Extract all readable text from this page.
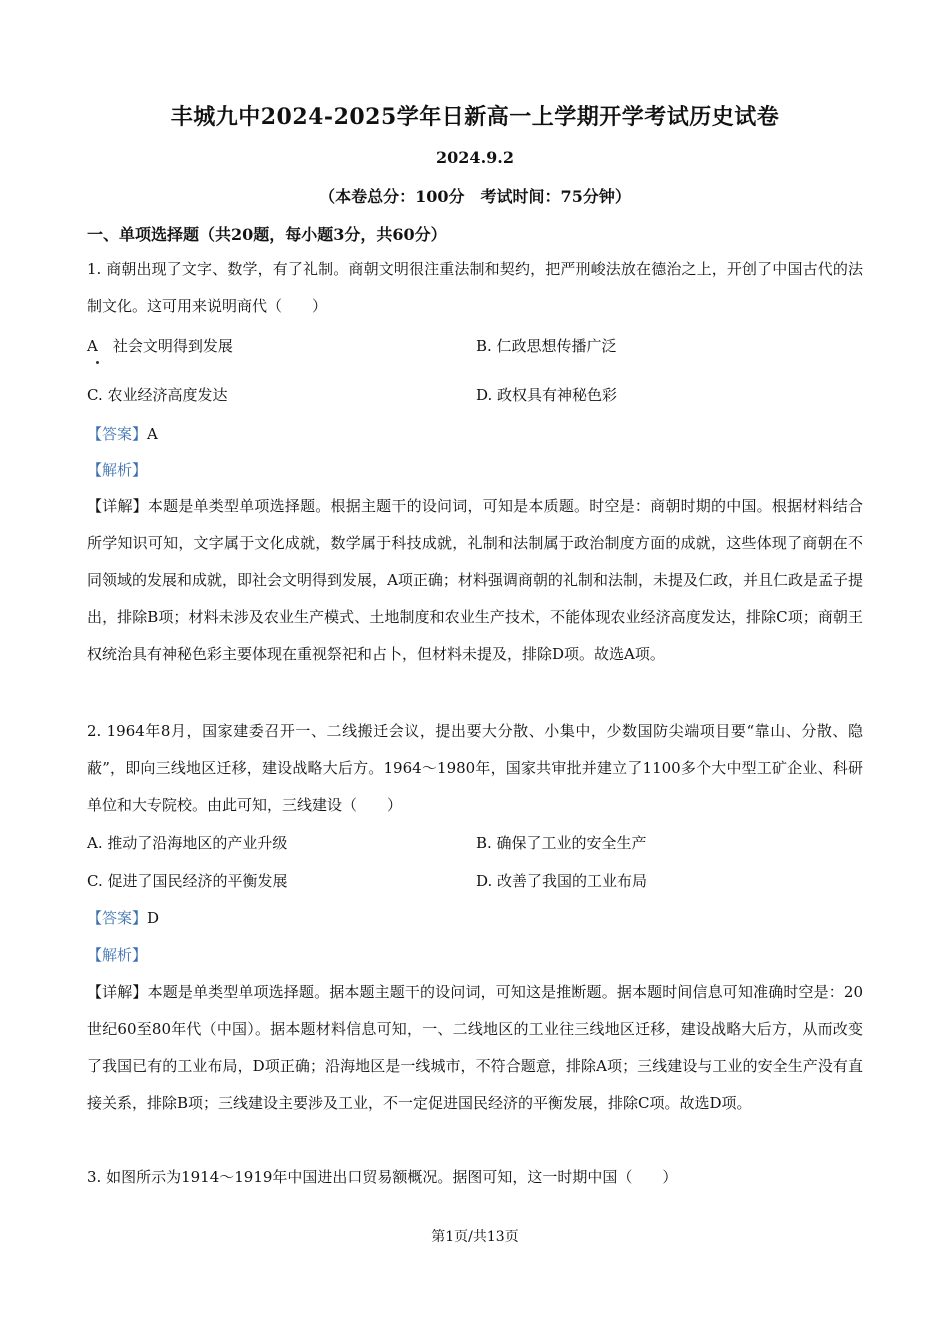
丰城九中2024-2025学年日新高一上学期开学考试历史试卷
2024.9.2
（本卷总分：100分　考试时间：75分钟）
一、单项选择题（共20题，每小题3分，共60分）
1. 商朝出现了文字、数学，有了礼制。商朝文明很注重法制和契约，把严刑峻法放在德治之上，开创了中国古代的法制文化。这可用来说明商代（　　）
A　社会文明得到发展	B. 仁政思想传播广泛
C. 农业经济高度发达	D. 政权具有神秘色彩
【答案】A
【解析】
【详解】本题是单类型单项选择题。根据主题干的设问词，可知是本质题。时空是：商朝时期的中国。根据材料结合所学知识可知，文字属于文化成就，数学属于科技成就，礼制和法制属于政治制度方面的成就，这些体现了商朝在不同领域的发展和成就，即社会文明得到发展，A项正确；材料强调商朝的礼制和法制，未提及仁政，并且仁政是孟子提出，排除B项；材料未涉及农业生产模式、土地制度和农业生产技术，不能体现农业经济高度发达，排除C项；商朝王权统治具有神秘色彩主要体现在重视祭祀和占卜，但材料未提及，排除D项。故选A项。
2. 1964年8月，国家建委召开一、二线搬迁会议，提出要大分散、小集中，少数国防尖端项目要“靠山、分散、隐蔽”，即向三线地区迁移，建设战略大后方。1964～1980年，国家共审批并建立了1100多个大中型工矿企业、科研单位和大专院校。由此可知，三线建设（　　）
A. 推动了沿海地区的产业升级	B. 确保了工业的安全生产
C. 促进了国民经济的平衡发展	D. 改善了我国的工业布局
【答案】D
【解析】
【详解】本题是单类型单项选择题。据本题主题干的设问词，可知这是推断题。据本题时间信息可知准确时空是：20世纪60至80年代（中国）。据本题材料信息可知，一、二线地区的工业往三线地区迁移，建设战略大后方，从而改变了我国已有的工业布局，D项正确；沿海地区是一线城市，不符合题意，排除A项；三线建设与工业的安全生产没有直接关系，排除B项；三线建设主要涉及工业，不一定促进国民经济的平衡发展，排除C项。故选D项。
3. 如图所示为1914～1919年中国进出口贸易额概况。据图可知，这一时期中国（　　）
第1页/共13页
